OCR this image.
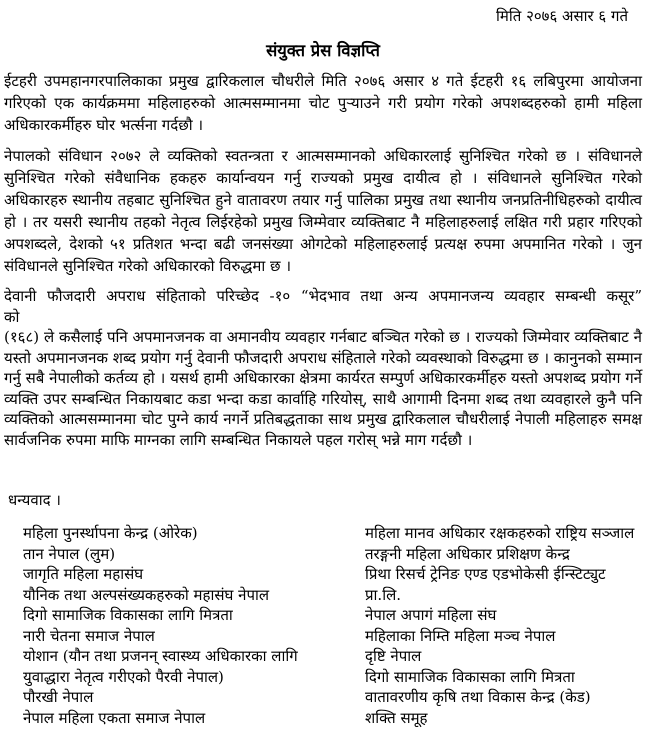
मिति २०७६ असार ६ गते
संयुक्त प्रेस विज्ञप्ति

ईटहरी उपमहानगरपालिकाका प्रमुख द्वारिकलाल चौधरीले मिति २०७६ असार ४ गते ईटहरी १६ लबिपुरमा आयोजना गरिएको एक कार्यक्रममा महिलाहरुको आत्मसम्मानमा चोट पुऱ्याउने गरी प्रयोग गरेको अपशब्दहरुको हामी महिला अधिकारकर्मीहरु घोर भर्त्सना गर्दछौ ।

नेपालको संविधान २०७२ ले व्यक्तिको स्वतन्त्रता र आत्मसम्मानको अधिकारलाई सुनिश्चित गरेको छ । संविधानले सुनिश्चित गरेको संवैधानिक हकहरु कार्यान्वयन गर्नु राज्यको प्रमुख दायीत्व हो । संविधानले सुनिश्चित गरेको अधिकारहरु स्थानीय तहबाट सुनिश्चित हुने वातावरण तयार गर्नु पालिका प्रमुख तथा स्थानीय जनप्रतिनीधिहरुको दायीत्व हो । तर यसरी स्थानीय तहको नेतृत्व लिईरहेको प्रमुख जिम्मेवार व्यक्तिबाट नै महिलाहरुलाई लक्षित गरी प्रहार गरिएको अपशब्दले, देशको ५१ प्रतिशत भन्दा बढी जनसंख्या ओगटेको महिलाहरुलाई प्रत्यक्ष रुपमा अपमानित गरेको । जुन संविधानले सुनिश्चित गरेको अधिकारको विरुद्धमा छ ।

देवानी फौजदारी अपराध संहिताको परिच्छेद -१० “भेदभाव तथा अन्य अपमानजन्य व्यवहार सम्बन्धी कसूर”
को
(१६८) ले कसैलाई पनि अपमानजनक वा अमानवीय व्यवहार गर्नबाट बञ्चित गरेको छ । राज्यको जिम्मेवार व्यक्तिबाट नै यस्तो अपमानजनक शब्द प्रयोग गर्नु देवानी फौजदारी अपराध संहिताले गरेको व्यवस्थाको विरुद्धमा छ । कानुनको सम्मान गर्नु सबै नेपालीको कर्तव्य हो । यसर्थ हामी अधिकारका क्षेत्रमा कार्यरत सम्पुर्ण अधिकारकर्मीहरु यस्तो अपशब्द प्रयोग गर्ने व्यक्ति उपर सम्बन्धित निकायबाट कडा भन्दा कडा कार्वाहि गरियोस्, साथै आगामी दिनमा शब्द तथा व्यवहारले कुनै पनि व्यक्तिको आत्मसम्मानमा चोट पुग्ने कार्य नगर्ने प्रतिबद्धताका साथ प्रमुख द्वारिकलाल चौधरीलाई नेपाली महिलाहरु समक्ष सार्वजनिक रुपमा माफि माग्नका लागि सम्बन्धित निकायले पहल गरोस् भन्ने माग गर्दछौ ।
धन्यवाद ।
महिला पुनर्स्थापना केन्द्र (ओरेक)
तान नेपाल (लुम)
जागृति महिला महासंघ
यौनिक तथा अल्पसंख्यकहरुको महासंघ नेपाल
दिगो सामाजिक विकासका लागि मित्रता
नारी चेतना समाज नेपाल
योशान (यौन तथा प्रजनन् स्वास्थ्य अधिकारका लागि युवाद्धारा नेतृत्व गरीएको पैरवी नेपाल)
पौरखी नेपाल
नेपाल महिला एकता समाज नेपाल
महिला मानव अधिकार रक्षकहरुको राष्ट्रिय सञ्जाल
तरङ्गनी महिला अधिकार प्रशिक्षण केन्द्र
प्रिथा रिसर्च ट्रेनिङ एण्ड एडभोकेसी ईन्स्टिट्युट प्रा.लि.
नेपाल अपागं महिला संघ
महिलाका निम्ति महिला मञ्च नेपाल
दृष्टि नेपाल
दिगो सामाजिक विकासका लागि मित्रता
वातावरणीय कृषि तथा विकास केन्द्र (केड)
शक्ति समूह
